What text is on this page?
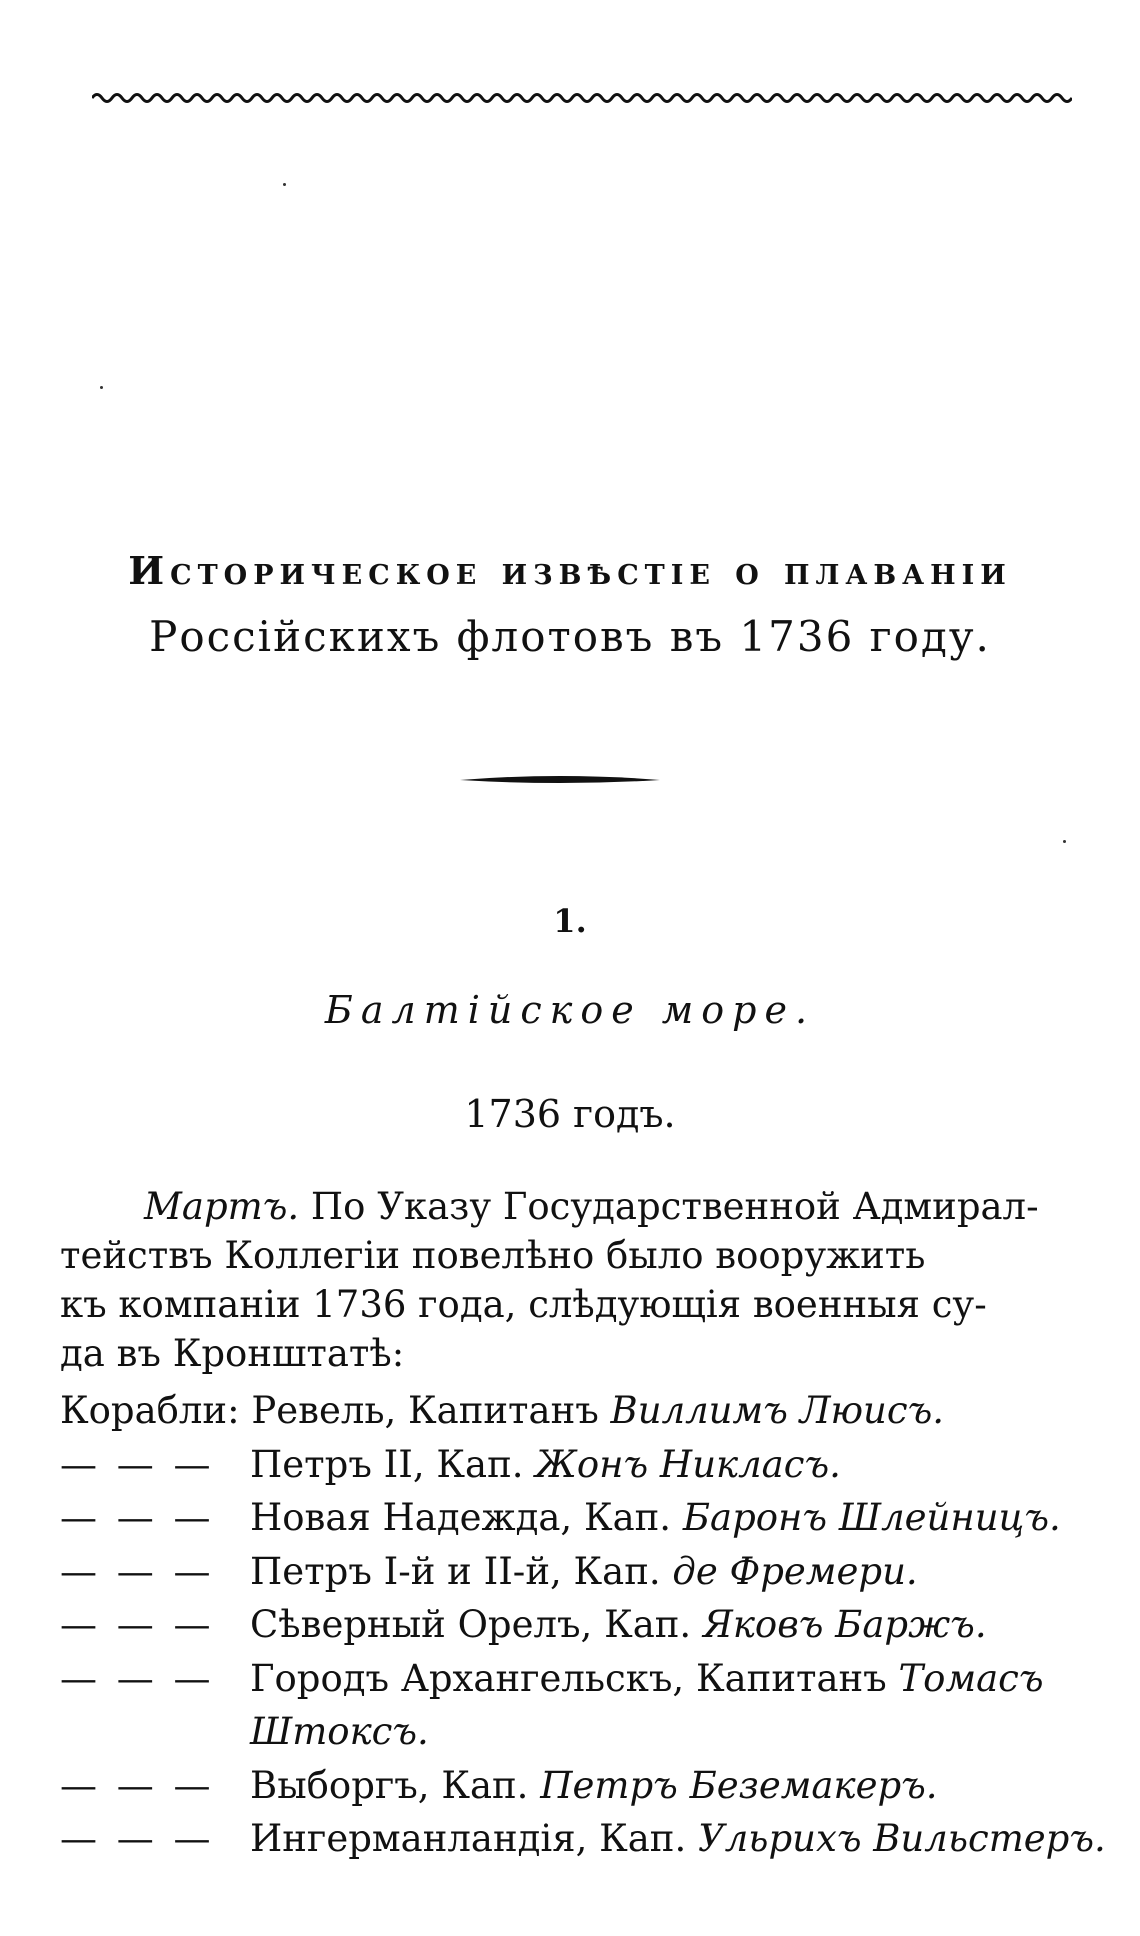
Историческое извѣстіе о плаваніи
Россійскихъ флотовъ въ 1736 году.
1.
Балтійское море.
1736 годъ.
Мартъ. По Указу Государственной Адмирал-
тействъ Коллегіи повелѣно было вооружить
къ компаніи 1736 года, слѣдующія военныя су-
да въ Кронштатѣ:
Корабли:
Ревель,
Капитанъ
Виллимъ Люисъ.
— — — Петръ II,
Кап.
Жонъ Никласъ.
— — — Новая Надежда,
Кап.
Баронъ Шлейницъ.
— — — Петръ I-й и II-й,
Кап.
де Фремери.
— — — Сѣверный Орелъ,
Кап.
Яковъ Баржъ.
— — — Городъ Архангельскъ,
Капитанъ
Томасъ
Штоксъ.
— — — Выборгъ,
Кап.
Петръ Беземакеръ.
— — — Ингерманландія,
Кап.
Ульрихъ Вильстеръ.
